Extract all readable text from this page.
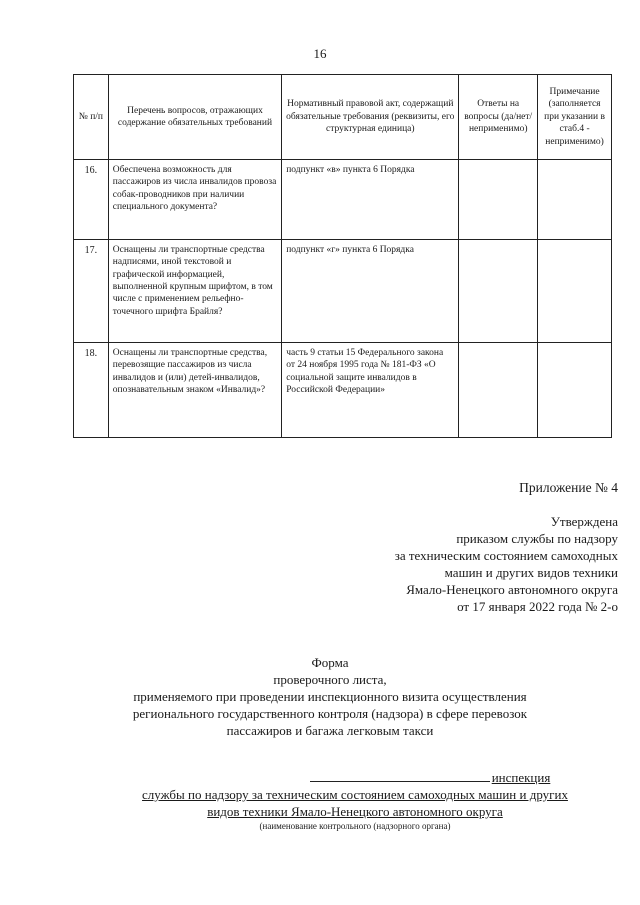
16
№ п/п	Перечень вопросов, отражающих содержание обязательных требований	Нормативный правовой акт, содержащий обязательные требования (реквизиты, его структурная единица)	Ответы на вопросы (да/нет/ неприменимо)	Примечание (заполняется при указании в стаб.4 - неприменимо)
16.	Обеспечена возможность для пассажиров из числа инвалидов провоза собак-проводников при наличии специального документа?	подпункт «в» пункта 6 Порядка		
17.	Оснащены ли транспортные средства надписями, иной текстовой и графической информацией, выполненной крупным шрифтом, в том числе с применением рельефно-точечного шрифта Брайля?	подпункт «г» пункта 6 Порядка		
18.	Оснащены ли транспортные средства, перевозящие пассажиров из числа инвалидов и (или) детей-инвалидов, опознавательным знаком «Инвалид»?	часть 9 статьи 15 Федерального закона от 24 ноября 1995 года № 181-ФЗ «О социальной защите инвалидов в Российской Федерации»		
Приложение № 4
Утверждена
приказом службы по надзору
за техническим состоянием самоходных
машин и других видов техники
Ямало-Ненецкого автономного округа
от 17 января 2022 года № 2-о
Форма
проверочного листа,
применяемого при проведении инспекционного визита осуществления
регионального государственного контроля (надзора) в сфере перевозок
пассажиров и багажа легковым такси
инспекция
службы по надзору за техническим состоянием самоходных машин и других
видов техники Ямало-Ненецкого автономного округа
(наименование контрольного (надзорного органа)
